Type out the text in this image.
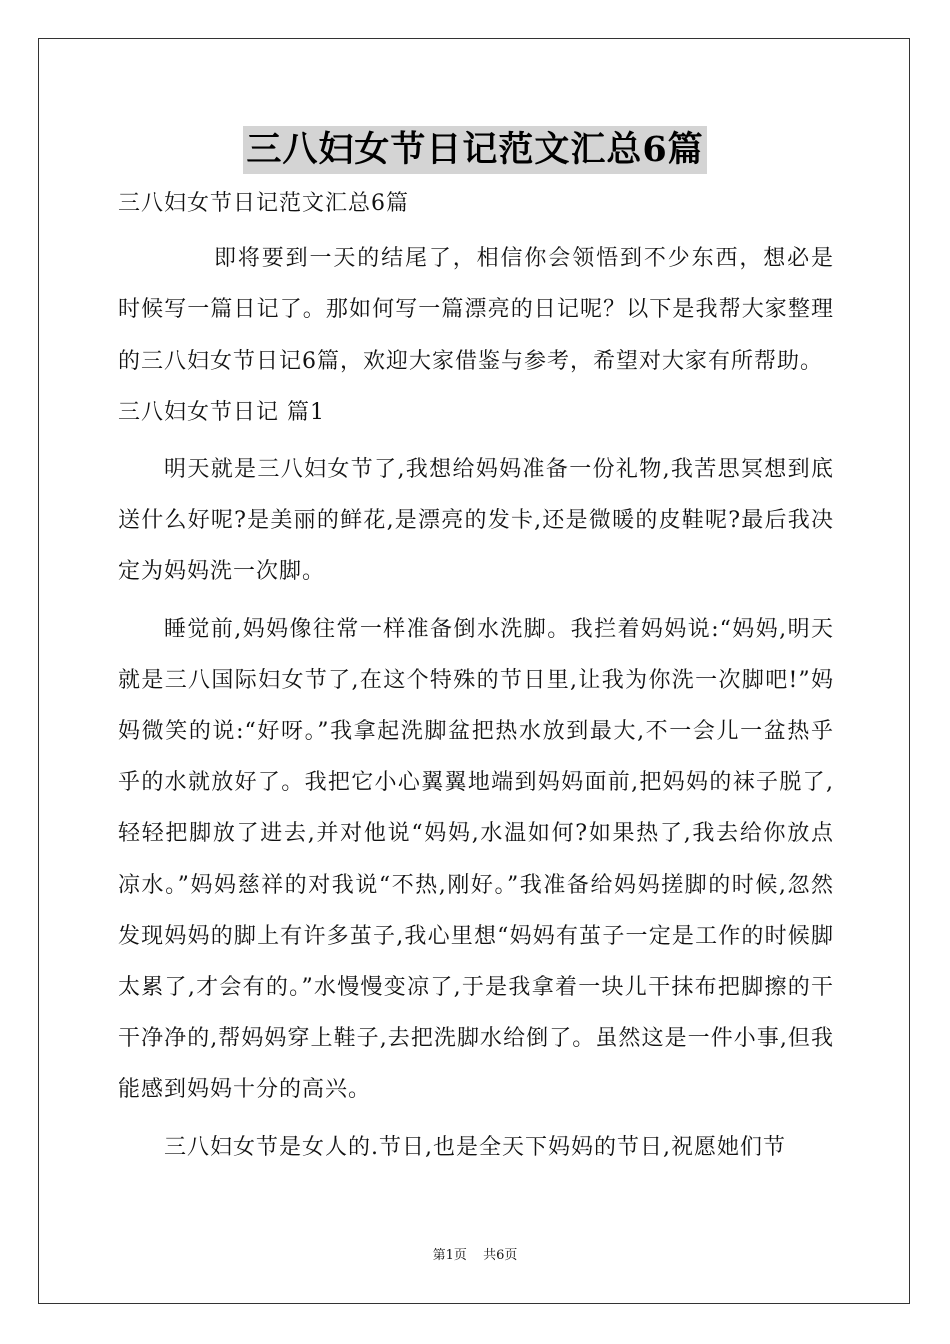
三八妇女节日记范文汇总6篇

三八妇女节日记范文汇总6篇

即将要到一天的结尾了，相信你会领悟到不少东西，想必是时候写一篇日记了。那如何写一篇漂亮的日记呢？以下是我帮大家整理的三八妇女节日记6篇，欢迎大家借鉴与参考，希望对大家有所帮助。

三八妇女节日记 篇1

明天就是三八妇女节了,我想给妈妈准备一份礼物,我苦思冥想到底送什么好呢?是美丽的鲜花,是漂亮的发卡,还是微暖的皮鞋呢?最后我决定为妈妈洗一次脚。

睡觉前,妈妈像往常一样准备倒水洗脚。我拦着妈妈说:“妈妈,明天就是三八国际妇女节了,在这个特殊的节日里,让我为你洗一次脚吧!”妈妈微笑的说:“好呀。”我拿起洗脚盆把热水放到最大,不一会儿一盆热乎乎的水就放好了。我把它小心翼翼地端到妈妈面前,把妈妈的袜子脱了,轻轻把脚放了进去,并对他说“妈妈,水温如何?如果热了,我去给你放点凉水。”妈妈慈祥的对我说“不热,刚好。”我准备给妈妈搓脚的时候,忽然发现妈妈的脚上有许多茧子,我心里想“妈妈有茧子一定是工作的时候脚太累了,才会有的。”水慢慢变凉了,于是我拿着一块儿干抹布把脚擦的干干净净的,帮妈妈穿上鞋子,去把洗脚水给倒了。虽然这是一件小事,但我能感到妈妈十分的高兴。

三八妇女节是女人的.节日,也是全天下妈妈的节日,祝愿她们节

第1页 共6页
